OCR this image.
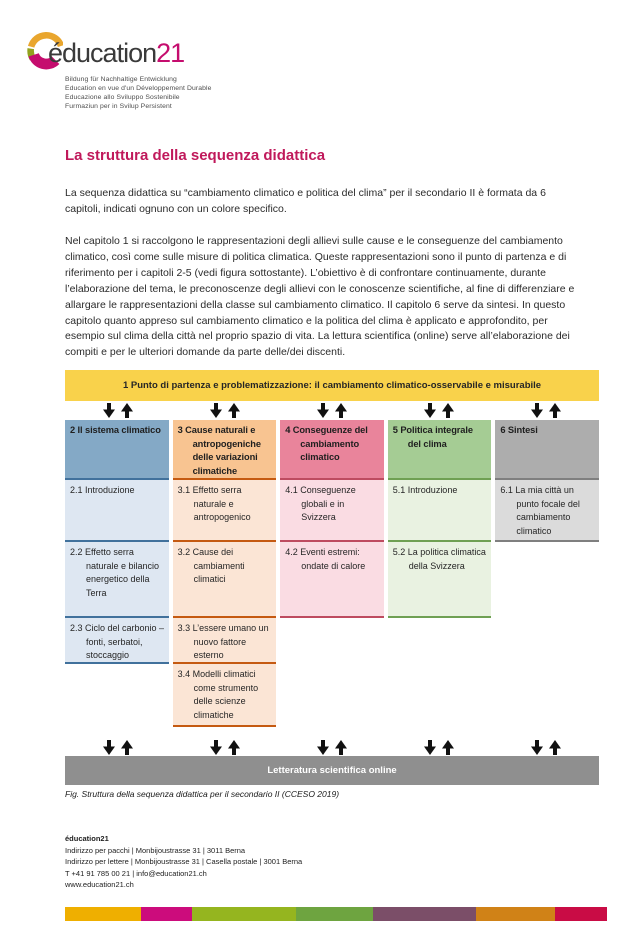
éducation21
Bildung für Nachhaltige Entwicklung
Education en vue d'un Développement Durable
Educazione allo Sviluppo Sostenibile
Furmaziun per in Svilup Persistent
La struttura della sequenza didattica
La sequenza didattica su “cambiamento climatico e politica del clima” per il secondario II è formata da 6 capitoli, indicati ognuno con un colore specifico.
Nel capitolo 1 si raccolgono le rappresentazioni degli allievi sulle cause e le conseguenze del cambiamento climatico, così come sulle misure di politica climatica. Queste rappresentazioni sono il punto di partenza e di riferimento per i capitoli 2-5 (vedi figura sottostante). L’obiettivo è di confrontare continuamente, durante l’elaborazione del tema, le preconoscenze degli allievi con le conoscenze scientifiche, al fine di differenziare e allargare le rappresentazioni della classe sul cambiamento climatico. Il capitolo 6 serve da sintesi. In questo capitolo quanto appreso sul cambiamento climatico e la politica del clima è applicato e approfondito, per esempio sul clima della città nel proprio spazio di vita. La lettura scientifica (online) serve all’elaborazione dei compiti e per le ulteriori domande da parte delle/dei discenti.
1 Punto di partenza e problematizzazione: il cambiamento climatico-osservabile e misurabile
2 Il sistema climatico
2.1 Introduzione
2.2 Effetto serra naturale e bilancio energetico della Terra
2.3 Ciclo del carbonio – fonti, serbatoi, stoccaggio
3 Cause naturali e antropogeniche delle variazioni climatiche
3.1 Effetto serra naturale e antropogenico
3.2 Cause dei cambiamenti climatici
3.3 L’essere umano un nuovo fattore esterno
3.4 Modelli climatici come strumento delle scienze climatiche
4 Conseguenze del cambiamento climatico
4.1 Conseguenze globali e in Svizzera
4.2 Eventi estremi: ondate di calore
5 Politica integrale del clima
5.1 Introduzione
5.2 La politica climatica della Svizzera
6 Sintesi
6.1 La mia città un punto focale del cambiamento climatico
Letteratura scientifica online
Fig. Struttura della sequenza didattica per il secondario II (CCESO 2019)
éducation21
Indirizzo per pacchi | Monbijoustrasse 31 | 3011 Berna
Indirizzo per lettere | Monbijoustrasse 31 | Casella postale | 3001 Berna
T +41 91 785 00 21 | info@education21.ch
www.education21.ch
